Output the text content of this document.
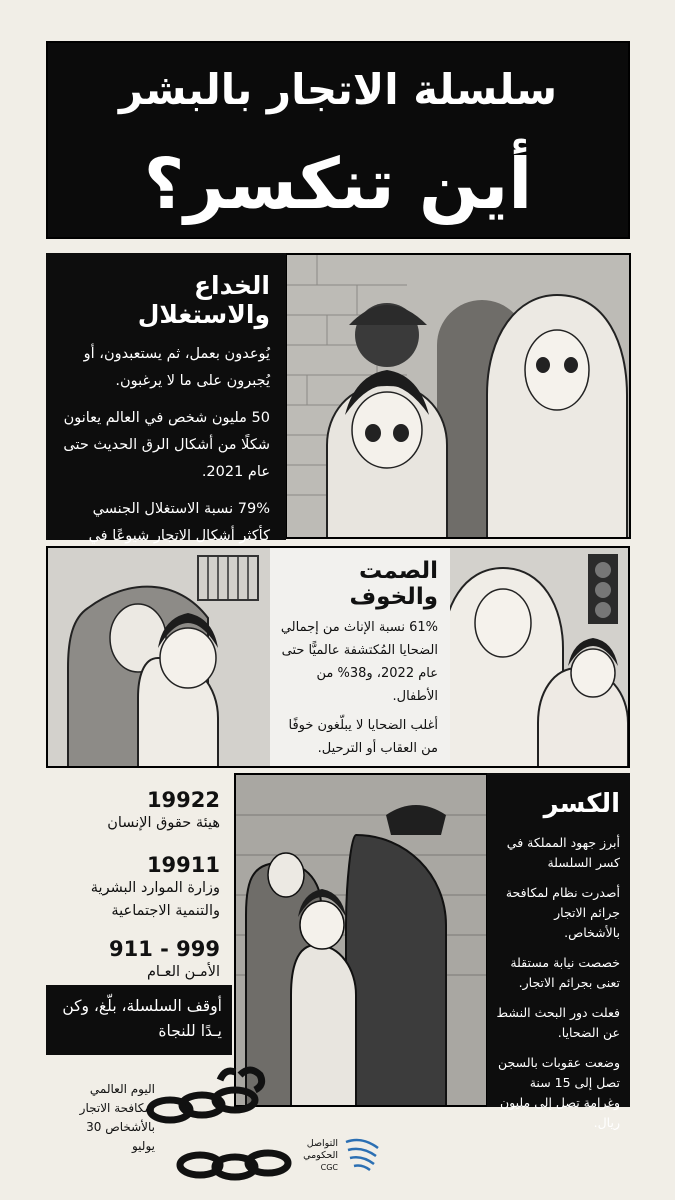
سلسلة الاتجار بالبشر
أين تنكسر؟
الخداع والاستغلال

يُوعدون بعمل، ثم يستعبدون، أو يُجبرون على ما لا يرغبون.

50 مليون شخص في العالم يعانون شكلًا من أشكال الرق الحديث حتى عام 2021.

79% نسبة الاستغلال الجنسي كأكثر أشكال الاتجار شيوعًا في

الصمت والخوف

61% نسبة الإناث من إجمالي الضحايا المُكتشفة عالميًّا حتى عام 2022، و38% من الأطفال.

أغلب الضحايا لا يبلّغون خوفًا من العقاب أو الترحيل.

الكسر

أبرز جهود المملكة في كسر السلسلة

أصدرت نظام لمكافحة جرائم الاتجار بالأشخاص.

خصصت نيابة مستقلة تعنى بجرائم الاتجار.

فعلت دور البحث النشط عن الضحايا.

وضعت عقوبات بالسجن تصل إلى 15 سنة وغرامة تصل إلى مليون ريال.

19922
هيئة حقوق الإنسان
19911
وزارة الموارد البشرية والتنمية الاجتماعية
911 - 999
الأمـن العـام
أوقف السلسلة، بلّغ، وكن يـدًا للنجاة
اليوم العالمي لمكافحة الاتجار بالأشخاص 30 يوليو	التواصل
الحكومي
CGC
